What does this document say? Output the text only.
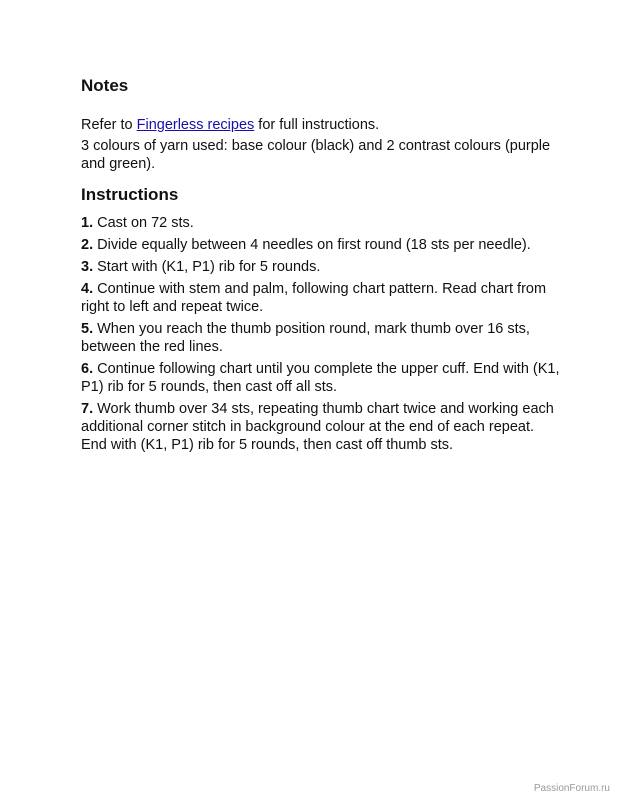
Notes
Refer to Fingerless recipes for full instructions.
3 colours of yarn used: base colour (black) and 2 contrast colours (purple and green).
Instructions
1. Cast on 72 sts.
2. Divide equally between 4 needles on first round (18 sts per needle).
3. Start with (K1, P1) rib for 5 rounds.
4. Continue with stem and palm, following chart pattern. Read chart from right to left and repeat twice.
5. When you reach the thumb position round, mark thumb over 16 sts, between the red lines.
6. Continue following chart until you complete the upper cuff. End with (K1, P1) rib for 5 rounds, then cast off all sts.
7. Work thumb over 34 sts, repeating thumb chart twice and working each additional corner stitch in background colour at the end of each repeat. End with (K1, P1) rib for 5 rounds, then cast off thumb sts.
PassionForum.ru
